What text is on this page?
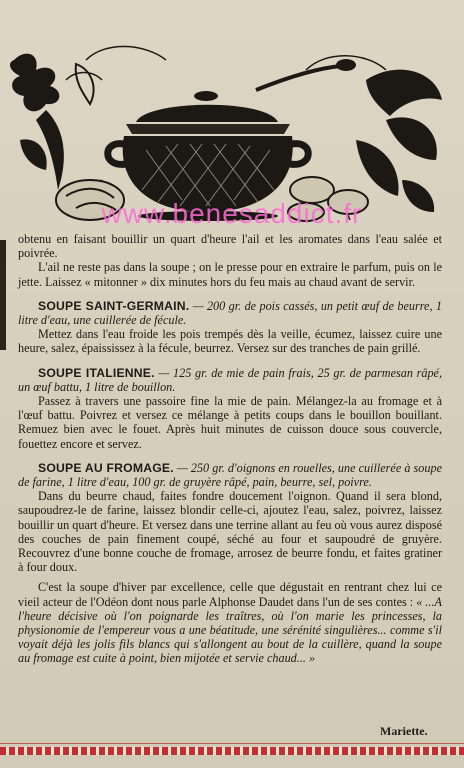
www.benesaddict.fr

obtenu en faisant bouillir un quart d'heure l'ail et les aromates dans l'eau salée et poivrée.

L'ail ne reste pas dans la soupe ; on le presse pour en extraire le parfum, puis on le jette. Laissez « mitonner » dix minutes hors du feu mais au chaud avant de servir.

SOUPE SAINT-GERMAIN. — 200 gr. de pois cassés, un petit œuf de beurre, 1 litre d'eau, une cuillerée de fécule.

Mettez dans l'eau froide les pois trempés dès la veille, écumez, laissez cuire une heure, salez, épaississez à la fécule, beurrez. Versez sur des tranches de pain grillé.

SOUPE ITALIENNE. — 125 gr. de mie de pain frais, 25 gr. de parmesan râpé, un œuf battu, 1 litre de bouillon.

Passez à travers une passoire fine la mie de pain. Mélangez-la au fromage et à l'œuf battu. Poivrez et versez ce mélange à petits coups dans le bouillon bouillant. Remuez bien avec le fouet. Après huit minutes de cuisson douce sous couvercle, fouettez encore et servez.

SOUPE AU FROMAGE. — 250 gr. d'oignons en rouelles, une cuillerée à soupe de farine, 1 litre d'eau, 100 gr. de gruyère râpé, pain, beurre, sel, poivre.

Dans du beurre chaud, faites fondre doucement l'oignon. Quand il sera blond, saupoudrez-le de farine, laissez blondir celle-ci, ajoutez l'eau, salez, poivrez, laissez bouillir un quart d'heure. Et versez dans une terrine allant au feu où vous aurez disposé des couches de pain finement coupé, séché au four et saupoudré de gruyère. Recouvrez d'une bonne couche de fromage, arrosez de beurre fondu, et faites gratiner à four doux.

C'est la soupe d'hiver par excellence, celle que dégustait en rentrant chez lui ce vieil acteur de l'Odéon dont nous parle Alphonse Daudet dans l'un de ses contes : « ...A l'heure décisive où l'on poignarde les traîtres, où l'on marie les princesses, la physionomie de l'empereur vous a une béatitude, une sérénité singulières... comme s'il voyait déjà les jolis fils blancs qui s'allongent au bout de la cuillère, quand la soupe au fromage est cuite à point, bien mijotée et servie chaud... »

Mariette.
